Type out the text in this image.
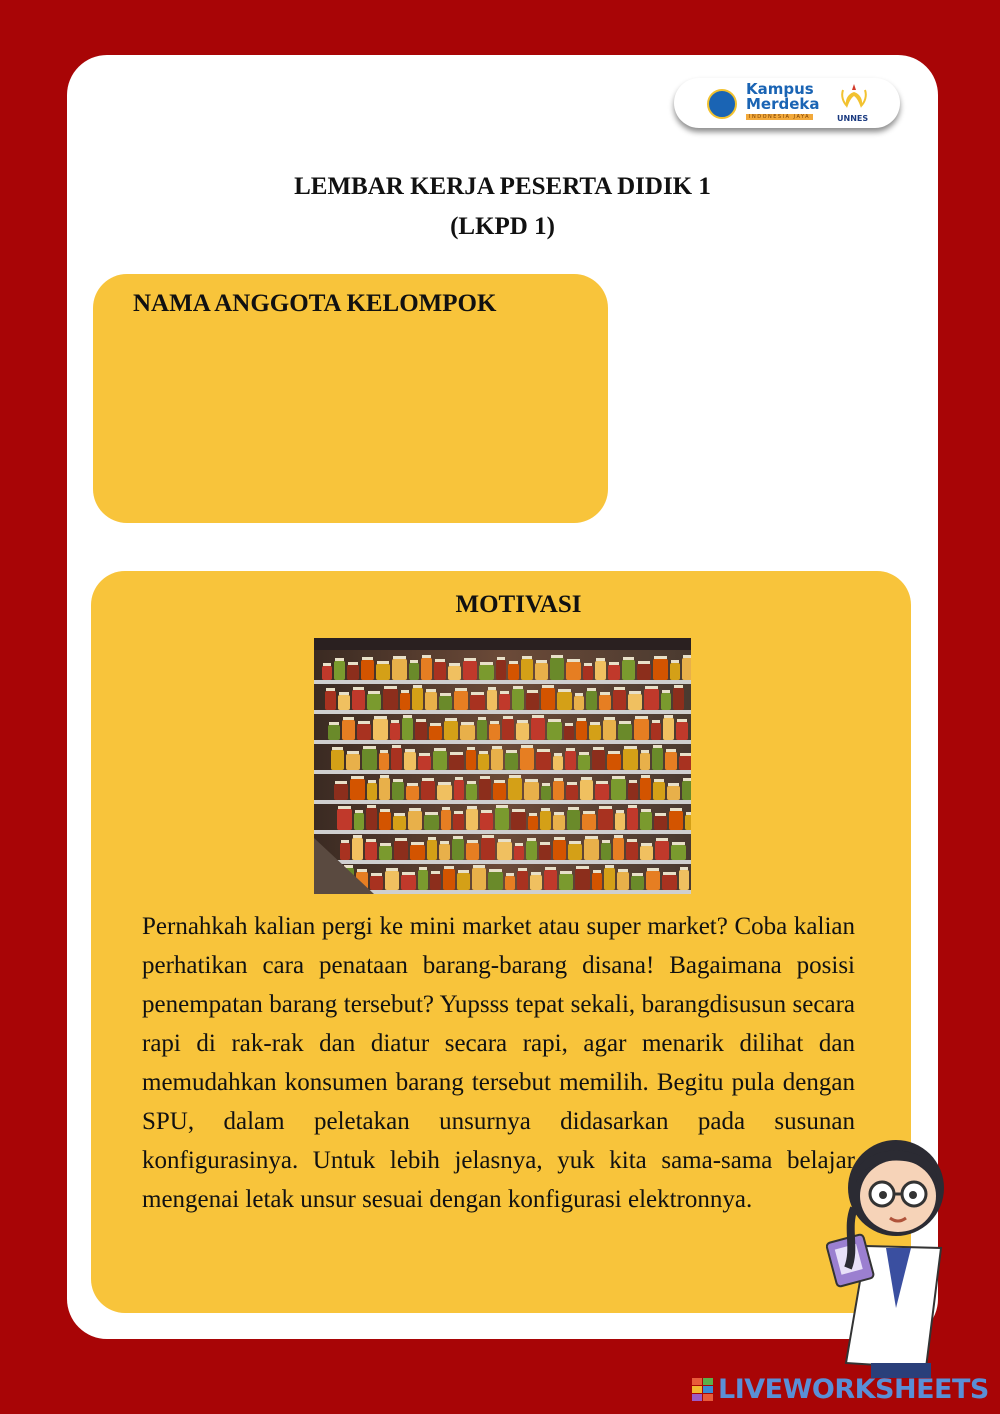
Kampus
Merdeka
INDONESIA JAYA	UNNES
LEMBAR KERJA PESERTA DIDIK 1
(LKPD 1)
NAMA ANGGOTA KELOMPOK
MOTIVASI
Pernahkah kalian pergi ke mini market atau super market? Coba kalian perhatikan cara penataan barang-barang disana! Bagaimana posisi penempatan barang tersebut? Yupsss tepat sekali, barangdisusun secara rapi di rak-rak dan diatur secara rapi, agar menarik dilihat dan memudahkan konsumen barang tersebut memilih. Begitu pula dengan SPU, dalam peletakan unsurnya didasarkan pada susunan konfigurasinya. Untuk lebih jelasnya, yuk kita sama-sama belajar mengenai letak unsur sesuai dengan konfigurasi elektronnya.
LIVEWORKSHEETS
